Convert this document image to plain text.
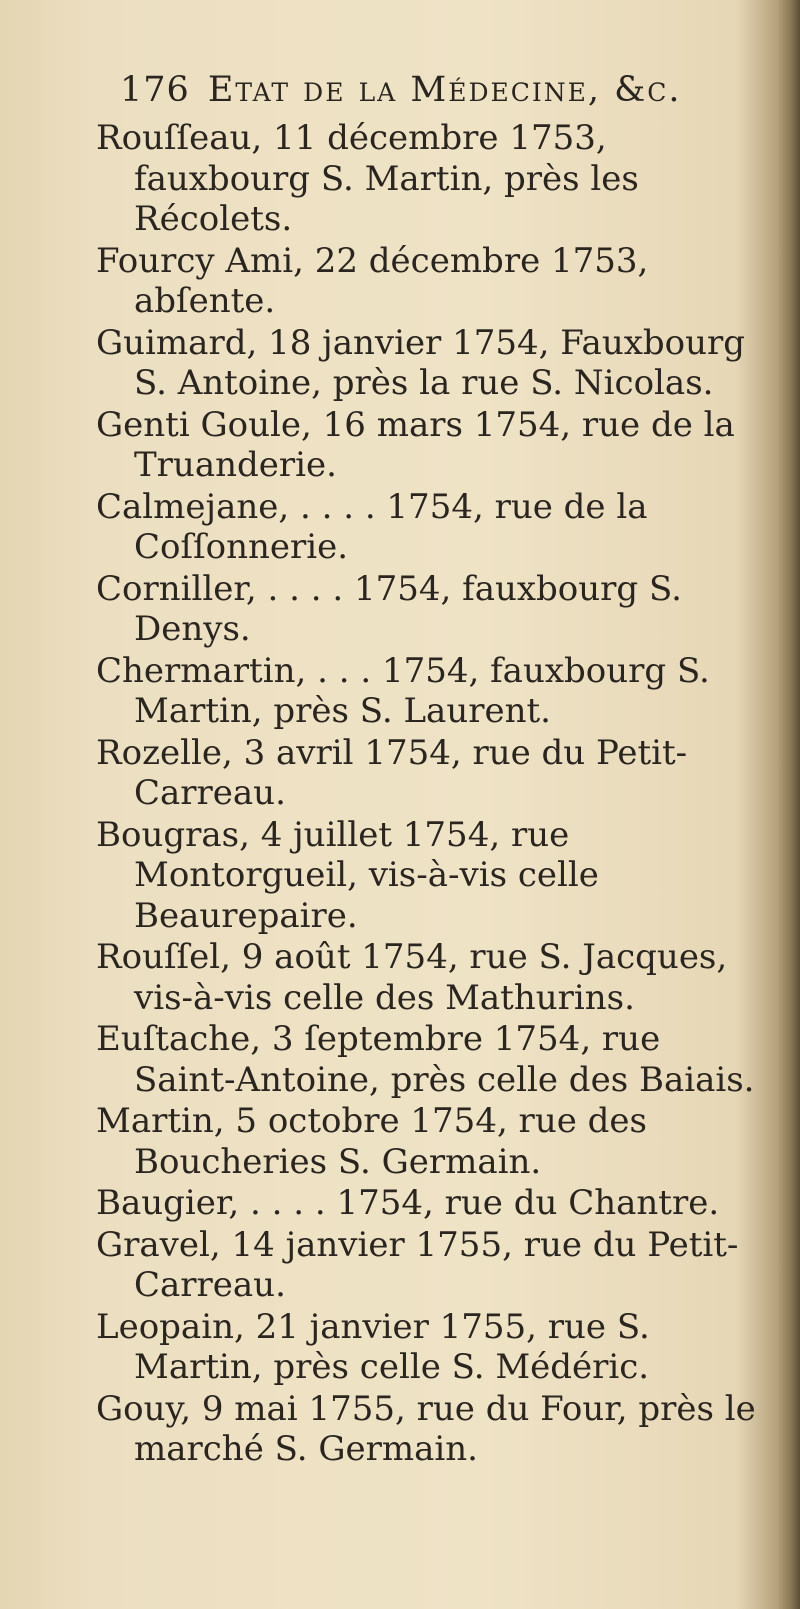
176 Etat de la Médecine, &c.

Rouſſeau, 11 décembre 1753, fauxbourg S. Martin, près les Récolets.

Fourcy Ami, 22 décembre 1753, abſente.

Guimard, 18 janvier 1754, Fauxbourg S. Antoine, près la rue S. Nicolas.

Genti Goule, 16 mars 1754, rue de la Truanderie.

Calmejane, . . . . 1754, rue de la Coſſonnerie.

Corniller, . . . . 1754, fauxbourg S. Denys.

Chermartin, . . . 1754, fauxbourg S. Martin, près S. Laurent.

Rozelle, 3 avril 1754, rue du Petit-Carreau.

Bougras, 4 juillet 1754, rue Montorgueil, vis-à-vis celle Beaurepaire.

Rouſſel, 9 août 1754, rue S. Jacques, vis-à-vis celle des Mathurins.

Euſtache, 3 ſeptembre 1754, rue Saint-Antoine, près celle des Baiais.

Martin, 5 octobre 1754, rue des Boucheries S. Germain.

Baugier, . . . . 1754, rue du Chantre.

Gravel, 14 janvier 1755, rue du Petit-Carreau.

Leopain, 21 janvier 1755, rue S. Martin, près celle S. Médéric.

Gouy, 9 mai 1755, rue du Four, près le marché S. Germain.
